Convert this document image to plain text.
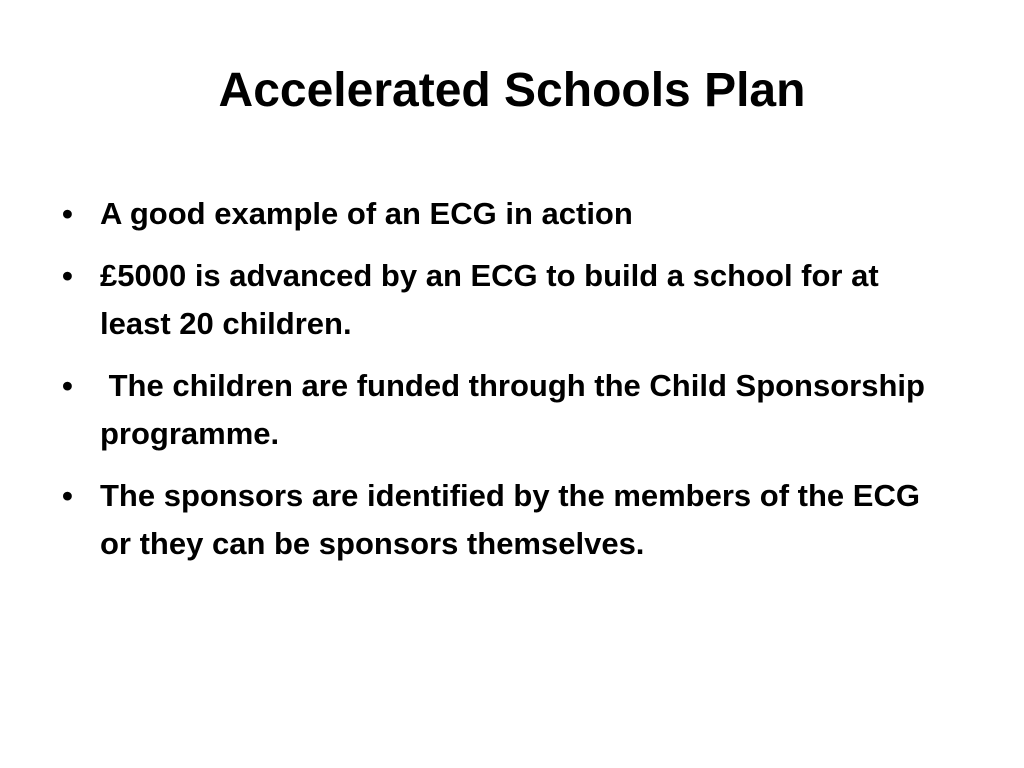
Accelerated Schools Plan
• A good example of an ECG in action
• £5000 is advanced by an ECG to build a school for at least 20 children.
• The children are funded through the Child Sponsorship programme.
• The sponsors are identified by the members of the ECG or they can be sponsors themselves.
